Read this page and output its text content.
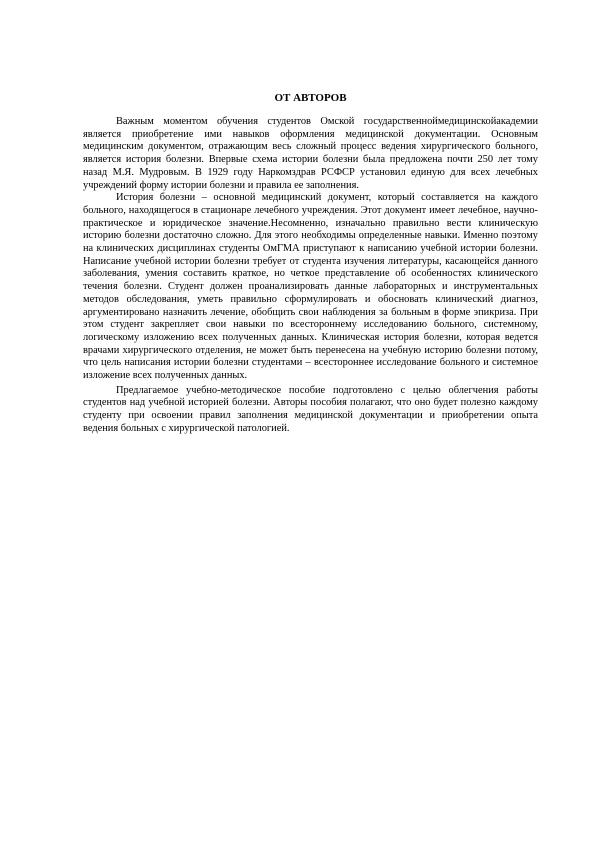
ОТ АВТОРОВ

Важным моментом обучения студентов Омской государственноймедицинскойакадемии является приобретение ими навыков оформления медицинской документации. Основным медицинским документом, отражающим весь сложный процесс ведения хирургического больного, является история болезни. Впервые схема истории болезни была предложена почти 250 лет тому назад М.Я. Мудровым. В 1929 году Наркомздрав РСФСР установил единую для всех лечебных учреждений форму истории болезни и правила ее заполнения.

История болезни – основной медицинский документ, который составляется на каждого больного, находящегося в стационаре лечебного учреждения. Этот документ имеет лечебное, научно-практическое и юридическое значение.Несомненно, изначально правильно вести клиническую историю болезни достаточно сложно. Для этого необходимы определенные навыки. Именно поэтому на клинических дисциплинах студенты ОмГМА приступают к написанию учебной истории болезни. Написание учебной истории болезни требует от студента изучения литературы, касающейся данного заболевания, умения составить краткое, но четкое представление об особенностях клинического течения болезни. Студент должен проанализировать данные лабораторных и инструментальных методов обследования, уметь правильно сформулировать и обосновать клинический диагноз, аргументировано назначить лечение, обобщить свои наблюдения за больным в форме эпикриза. При этом студент закрепляет свои навыки по всестороннему исследованию больного, системному, логическому изложению всех полученных данных. Клиническая история болезни, которая ведется врачами хирургического отделения, не может быть перенесена на учебную историю болезни потому, что цель написания истории болезни студентами – всестороннее исследование больного и системное изложение всех полученных данных.

Предлагаемое учебно-методическое пособие подготовлено с целью облегчения работы студентов над учебной историей болезни. Авторы пособия полагают, что оно будет полезно каждому студенту при освоении правил заполнения медицинской документации и приобретении опыта ведения больных с хирургической патологией.
